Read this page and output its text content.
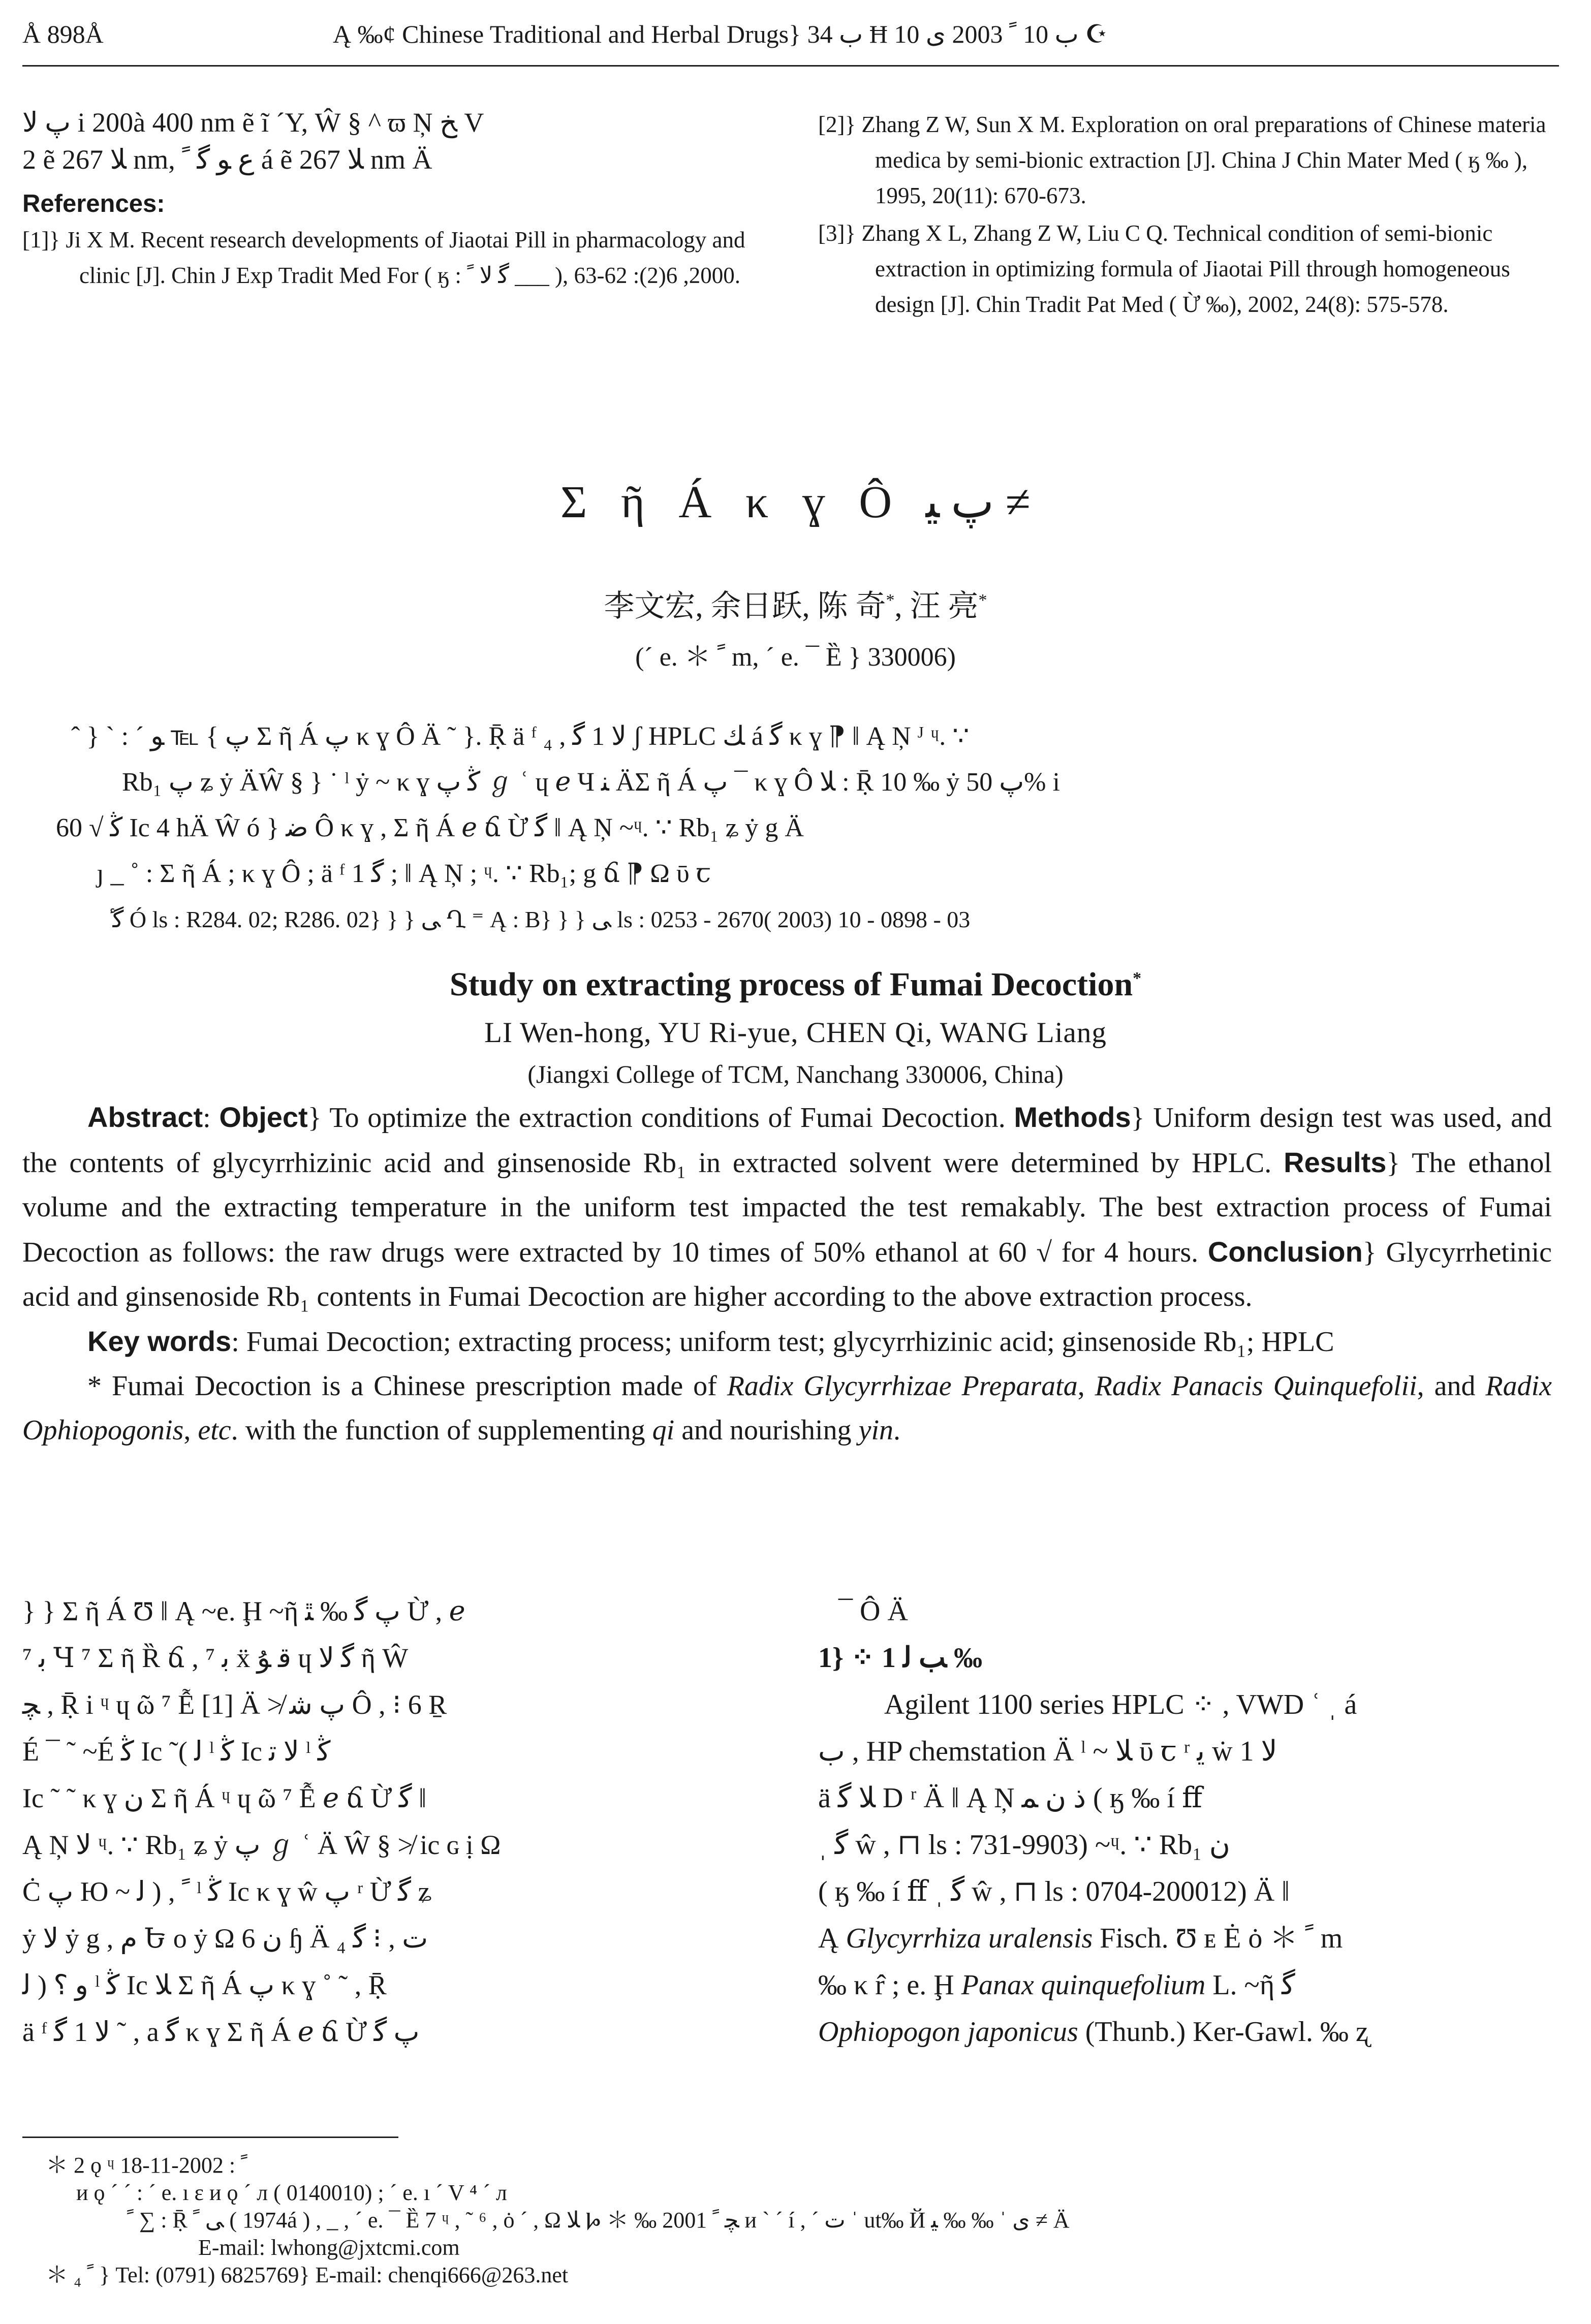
Å 898Å	Ą ‰¢ Chinese Traditional and Herbal Drugs} ﺏ 34 Ħ ﺏ 10 ﹰ 2003 ﻯ 10 ☪
ﭖ ﻻ i 200à 400 nm ẽ ĩ ˊY, Ŵ § ^ ϖ Ņ ﺦ V
2 ẽ ﻼ 267 nm, ﻉ ﻮ ﮔ ﹰ á ẽ ﻼ 267 nm Ä
References:

[1]} Ji X M. Recent research developments of Jiaotai Pill in pharmacology and clinic [J]. Chin J Exp Tradit Med For ( ӄ : ﮔ ﻻ ﹰ ___ ), 2000, 6(2): 62-63.

[2]} Zhang Z W, Sun X M. Exploration on oral preparations of Chinese materia medica by semi-bionic extraction [J]. China J Chin Mater Med ( ӄ ‰ ), 1995, 20(11): 670-673.

[3]} Zhang X L, Zhang Z W, Liu C Q. Technical condition of semi-bionic extraction in optimizing formula of Jiaotai Pill through homogeneous design [J]. Chin Tradit Pat Med ( Ừ ‰), 2002, 24(8): 575-578.

Σ ῆ Á κ ɣ Ô ﭖ ﻴ ≠
李文宏, 余日跃, 陈 奇*, 汪 亮*
(ˊ e. ＊ ﹰ m, ˊ e. ¯ Ȅ } 330006)
ˆ } ˋ : ˊ ﭖ } ℡ ﻮ Σ ῆ Á ﭖ κ ɣ Ô Ä ˜ }. Ṝ ä ᶠ ﻻ 1 ﮔ , ₄ ʃ HPLC ﻚ á ﮔ κ ɣ ⁋ ǁ Ą Ņ ᴶ ᶣ. ∵
Rb₁ ﭖ ʑ ẏ ÄŴ § } ˙ ˡ ẏ ~ κ ɣ ﯕ ﭖ ℊ ʿ ɥ ℯ Ч ﻨ ÄΣ ῆ Á ﭖ ¯ κ ɣ Ô ﻼ : Ṝ 10 ‰ ẏ ﭖ 50% i
60 √ ﯕ Ic 4 hÄ Ŵ ó } ﺿ Ô κ ɣ , Σ ῆ Á ℯ ճ Ừ ﮔ ǁ Ą Ņ ~ᶣ. ∵ Rb₁ ʑ ẏ g Ä
ȷ _ ˚ : Σ ῆ Á ; κ ɣ Ô ; ä ᶠ 1 ﮔ ; ǁ Ą Ņ ; ᶣ. ∵ Rb₁; g ճ ⁋ Ω ῡ ꞇ
ٔ ﮔ Ó ls : R284. 02; R286. 02} } } ﻰ Ղ ⁼ Ą : B} } } ﻰ ls : 0253 - 2670( 2003) 10 - 0898 - 03
Study on extracting process of Fumai Decoction*
LI Wen-hong, YU Ri-yue, CHEN Qi, WANG Liang
(Jiangxi College of TCM, Nanchang 330006, China)

Abstract: Object} To optimize the extraction conditions of Fumai Decoction. Methods} Uniform design test was used, and the contents of glycyrrhizinic acid and ginsenoside Rb₁ in extracted solvent were determined by HPLC. Results} The ethanol volume and the extracting temperature in the uniform test impacted the test remakably. The best extraction process of Fumai Decoction as follows: the raw drugs were extracted by 10 times of 50% ethanol at 60 √ for 4 hours. Conclusion} Glycyrrhetinic acid and ginsenoside Rb₁ contents in Fumai Decoction are higher according to the above extraction process.

Key words: Fumai Decoction; extracting process; uniform test; glycyrrhizinic acid; ginsenoside Rb₁; HPLC

* Fumai Decoction is a Chinese prescription made of Radix Glycyrrhizae Preparata, Radix Panacis Quinquefolii, and Radix Ophiopogonis, etc. with the function of supplementing qi and nourishing yin.

} } Σ ῆ Á Ʊ ǁ Ą ~e. Ḩ ~ῆ ﭖ ﮔ ‰ ﭥ Ừ , ℯ
⁷ ﺑ Ɥ ⁷ Σ ῆ Ȑ ճ , ﺑ ⁷ ẍ ﻗ ﯘ ɥ ﮔ ﻻ ῆ Ŵ
ﭽ , Ṝ i ᶣ ɥ ῶ ⁷ Ễ [1] Ä ≯ ﭖ ﺷ Ô , ⁝ 6 Ṟ
É ¯ ˜ ~É ﯕ Ic ˜( ﻟ ˡ ﯕ Ic ﻻ ﺗ ˡ ﯕ
Ic ˜ ˜ κ ɣ ﻥ Σ ῆ Á ᶣ ɥ ῶ ⁷ Ễ ℯ ճ Ừ ﮔ ǁ
Ą Ņ ﻻ ᶣ. ∵ Rb₁ ʑ ẏ ﭖ ℊ ʿ Ä Ŵ § ≯ ic ɢ ị Ω
Ċ ﭖ Ю ~ ﹰ , ( ﻟ ˡ ﯕ Ic κ ɣ ŵ ﭖ ʳ Ừ ﮔ ʑ
ẏ ﻻ ẏ g , ﻡ Ե ο ẏ Ω ﻥ 6 ɧ Ä ₄ ﺕ , ⁝ ﮔ
ﻭ ؟ ( ﻟ ˡ ﯕ Ic ﻼ Σ ῆ Á ﭖ κ ɣ ˚ ˜ , Ṝ
ä ᶠ ﻻ 1 ﮔ ˜ , a ﮔ κ ɣ Σ ῆ Á ℯ ճ Ừ ﭖ ﮔ
¯ Ô Ä
1} ⁘ ﺐ ﻟ 1 ‰
Agilent 1100 series HPLC ⁘ , VWD ʿ ˌ á
ﺏ , HP chemstation Ä ˡ ~ ﻼ ῡ ꞇ ʳ ﻳ ẇ 1 ﻻ
ä ﻼ ﮔ D ʳ Ä ǁ Ą Ņ ﺫ ﻥ ﻤ ( ӄ ‰ í ﬀ
ˌ ﮔ ŵ , ⊓ ls : 731-9903) ~ᶣ. ∵ Rb₁ ﻥ
( ӄ ‰ í ﬀ ˌ ﮔ ŵ , ⊓ ls : 0704-200012) Ä ǁ
Ą Glycyrrhiza uralensis Fisch. Ʊ ᴇ Ė ȯ ＊ ﹰ m
‰ κ r̂ ; e. Ḩ Panax quinquefolium L. ~ῆ ﮔ
Ophiopogon japonicus (Thunb.) Ker-Gawl. ‰ ʐ
＊ 2 ǫ ᶣ ﹰ : 2002-11-18
ᴎ ǫ ˊ ˊ : ˊ e. ı ε ᴎ ǫ ˊ л ( 0140010) ; ˊ e. ı ˊ V ⁴ ˊ л
ﹰ ∑ : Ṝ ﻰ ﹰ ( 1974á ) , _ , ˊ e. ¯ Ȅ 7 ᶣ , ˜ ⁶ , ȯ ˊ , Ω ﻼ Ⱈ ＊ ‰ ﭽ ﹰ 2001 ᴎ ˋ ˊ í , ˊ ﺕ ˈ ut‰ Й ﻯ ˈ ‰ ‰ ﻴ ≠ Ä
E-mail: lwhong@jxtcmi.com
＊ ₄ ﹰ } Tel: (0791) 6825769} E-mail: chenqi666@263.net
